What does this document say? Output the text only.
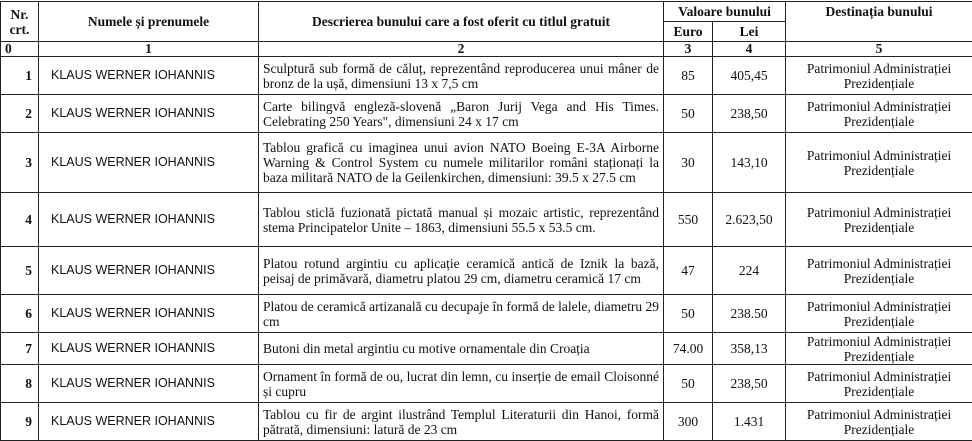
Nr. crt.	Numele și prenumele	Descrierea bunului care a fost oferit cu titlul gratuit	Valoare bunului		Destinația bunului
			Euro	Lei	
0	1	2	3	4	5
1	KLAUS WERNER IOHANNIS	Sculptură sub formă de căluț, reprezentând reproducerea unui mâner de bronz de la ușă, dimensiuni 13 x 7,5 cm	85	405,45	Patrimoniul Administrației Prezidențiale
2	KLAUS WERNER IOHANNIS	Carte bilingvă engleză-slovenă „Baron Jurij Vega and His Times. Celebrating 250 Years", dimensiuni 24 x 17 cm	50	238,50	Patrimoniul Administrației Prezidențiale
3	KLAUS WERNER IOHANNIS	Tablou grafică cu imaginea unui avion NATO Boeing E-3A Airborne Warning & Control System cu numele militarilor români staționați la baza militară NATO de la Geilenkirchen, dimensiuni: 39.5 x 27.5 cm	30	143,10	Patrimoniul Administrației Prezidențiale
4	KLAUS WERNER IOHANNIS	Tablou sticlă fuzionată pictată manual și mozaic artistic, reprezentând stema Principatelor Unite – 1863, dimensiuni 55.5 x 53.5 cm.	550	2.623,50	Patrimoniul Administrației Prezidențiale
5	KLAUS WERNER IOHANNIS	Platou rotund argintiu cu aplicație ceramică antică de Iznik la bază, peisaj de primăvară, diametru platou 29 cm, diametru ceramică 17 cm	47	224	Patrimoniul Administrației Prezidențiale
6	KLAUS WERNER IOHANNIS	Platou de ceramică artizanală cu decupaje în formă de lalele, diametru 29 cm	50	238.50	Patrimoniul Administrației Prezidențiale
7	KLAUS WERNER IOHANNIS	Butoni din metal argintiu cu motive ornamentale din Croația	74.00	358,13	Patrimoniul Administrației Prezidențiale
8	KLAUS WERNER IOHANNIS	Ornament în formă de ou, lucrat din lemn, cu inserție de email Cloisonné și cupru	50	238,50	Patrimoniul Administrației Prezidențiale
9	KLAUS WERNER IOHANNIS	Tablou cu fir de argint ilustrând Templul Literaturii din Hanoi, formă pătrată, dimensiuni: latură de 23 cm	300	1.431	Patrimoniul Administrației Prezidențiale
